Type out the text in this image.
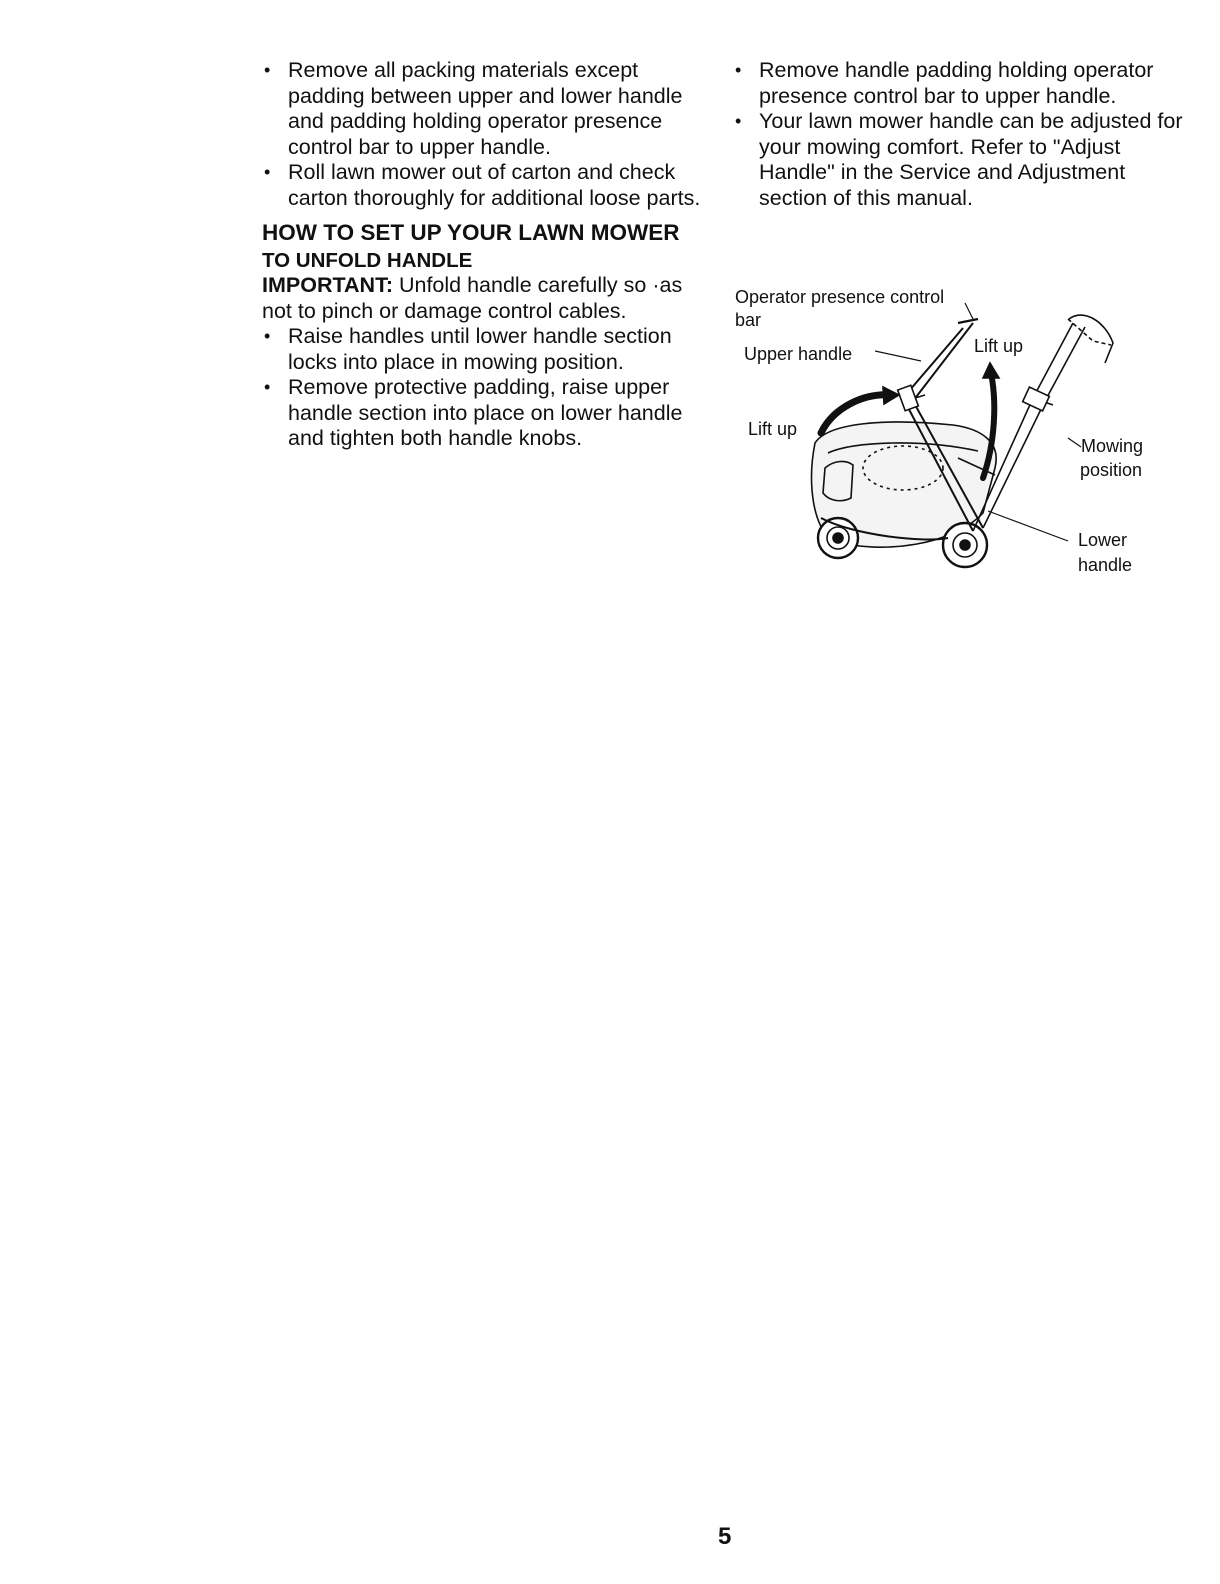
• Remove all packing materials except padding between upper and lower handle and padding holding operator presence control bar to upper handle.
• Roll lawn mower out of carton and check carton thoroughly for additional loose parts.
HOW TO SET UP YOUR LAWN MOWER
TO UNFOLD HANDLE
IMPORTANT: Unfold handle carefully so ·as not to pinch or damage control cables.
• Raise handles until lower handle section locks into place in mowing position.
• Remove protective padding, raise upper handle section into place on lower handle and tighten both handle knobs.
• Remove handle padding holding operator presence control bar to upper handle.
• Your lawn mower handle can be adjusted for your mowing comfort. Refer to "Adjust Handle" in the Service and Adjustment section of this manual.
Operator presence control
bar
Upper handle	Lift up
Lift up
Mowing
position
Lower
handle
5
